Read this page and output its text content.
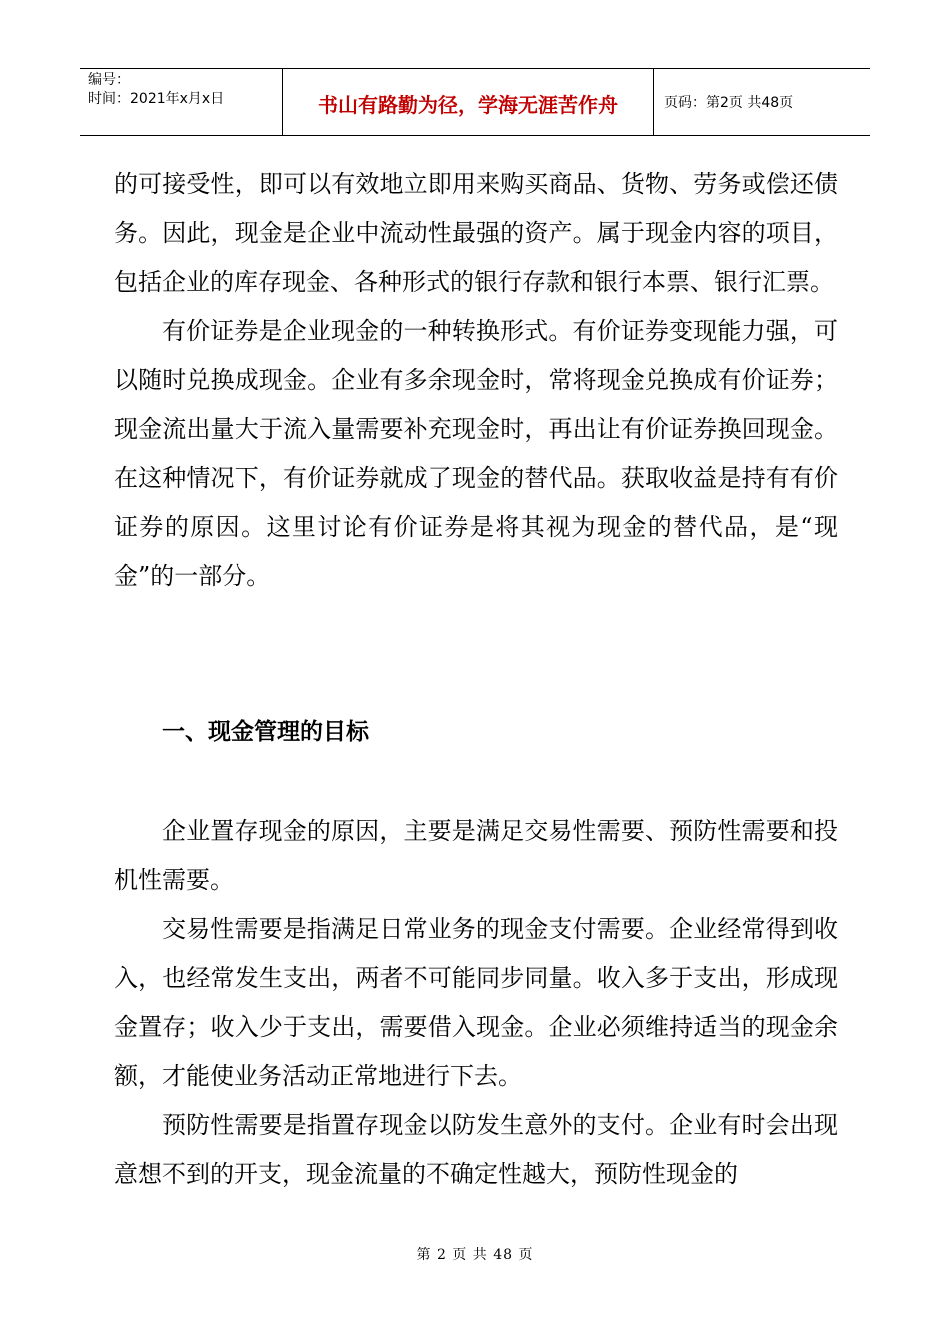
编号：
时间：2021年x月x日	书山有路勤为径，学海无涯苦作舟	页码：第2页 共48页

的可接受性，即可以有效地立即用来购买商品、货物、劳务或偿还债务。因此，现金是企业中流动性最强的资产。属于现金内容的项目，包括企业的库存现金、各种形式的银行存款和银行本票、银行汇票。

有价证券是企业现金的一种转换形式。有价证券变现能力强，可以随时兑换成现金。企业有多余现金时，常将现金兑换成有价证券；现金流出量大于流入量需要补充现金时，再出让有价证券换回现金。在这种情况下，有价证券就成了现金的替代品。获取收益是持有有价证券的原因。这里讨论有价证券是将其视为现金的替代品，是“现金”的一部分。

一、现金管理的目标

企业置存现金的原因，主要是满足交易性需要、预防性需要和投机性需要。

交易性需要是指满足日常业务的现金支付需要。企业经常得到收入，也经常发生支出，两者不可能同步同量。收入多于支出，形成现金置存；收入少于支出，需要借入现金。企业必须维持适当的现金余额，才能使业务活动正常地进行下去。

预防性需要是指置存现金以防发生意外的支付。企业有时会出现意想不到的开支，现金流量的不确定性越大，预防性现金的

第 2 页 共 48 页
